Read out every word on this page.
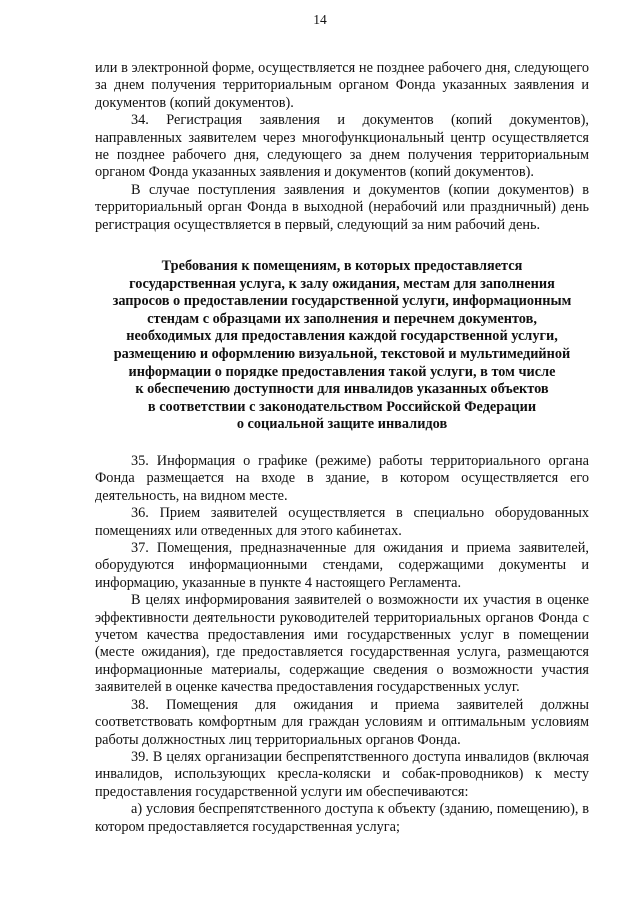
14

или в электронной форме, осуществляется не позднее рабочего дня, следующего за днем получения территориальным органом Фонда указанных заявления и документов (копий документов).

34. Регистрация заявления и документов (копий документов), направленных заявителем через многофункциональный центр осуществляется не позднее рабочего дня, следующего за днем получения территориальным органом Фонда указанных заявления и документов (копий документов).

В случае поступления заявления и документов (копии документов) в территориальный орган Фонда в выходной (нерабочий или праздничный) день регистрация осуществляется в первый, следующий за ним рабочий день.

Требования к помещениям, в которых предоставляется
государственная услуга, к залу ожидания, местам для заполнения
запросов о предоставлении государственной услуги, информационным
стендам с образцами их заполнения и перечнем документов,
необходимых для предоставления каждой государственной услуги,
размещению и оформлению визуальной, текстовой и мультимедийной
информации о порядке предоставления такой услуги, в том числе
к обеспечению доступности для инвалидов указанных объектов
в соответствии с законодательством Российской Федерации
о социальной защите инвалидов

35. Информация о графике (режиме) работы территориального органа Фонда размещается на входе в здание, в котором осуществляется его деятельность, на видном месте.

36. Прием заявителей осуществляется в специально оборудованных помещениях или отведенных для этого кабинетах.

37. Помещения, предназначенные для ожидания и приема заявителей, оборудуются информационными стендами, содержащими документы и информацию, указанные в пункте 4 настоящего Регламента.

В целях информирования заявителей о возможности их участия в оценке эффективности деятельности руководителей территориальных органов Фонда с учетом качества предоставления ими государственных услуг в помещении (месте ожидания), где предоставляется государственная услуга, размещаются информационные материалы, содержащие сведения о возможности участия заявителей в оценке качества предоставления государственных услуг.

38. Помещения для ожидания и приема заявителей должны соответствовать комфортным для граждан условиям и оптимальным условиям работы должностных лиц территориальных органов Фонда.

39. В целях организации беспрепятственного доступа инвалидов (включая инвалидов, использующих кресла-коляски и собак-проводников) к месту предоставления государственной услуги им обеспечиваются:

а) условия беспрепятственного доступа к объекту (зданию, помещению), в котором предоставляется государственная услуга;
